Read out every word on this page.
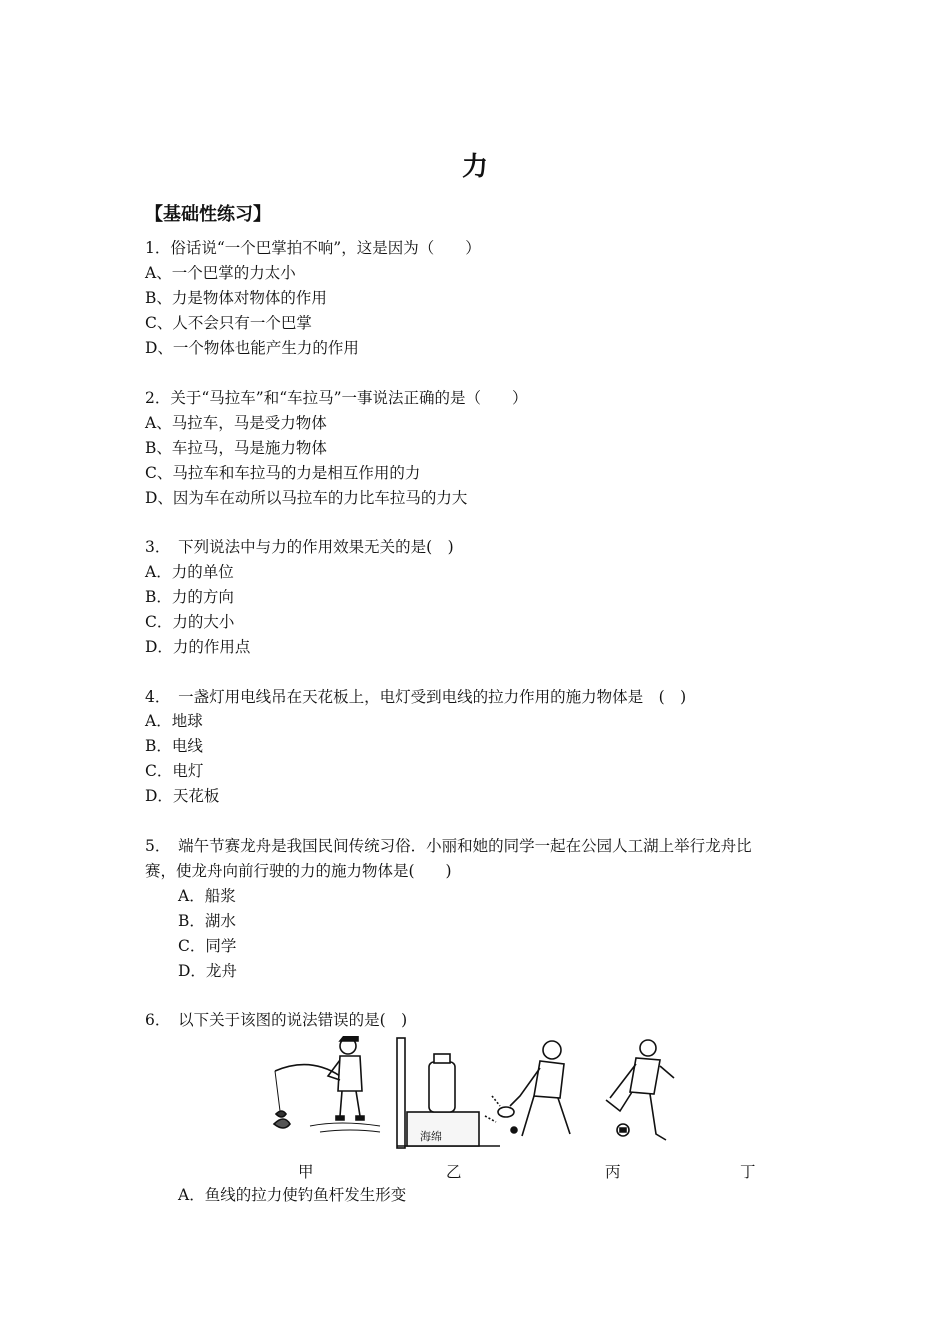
力
【基础性练习】
1．俗话说“一个巴掌拍不响”，这是因为（　　）
A、一个巴掌的力太小
B、力是物体对物体的作用
C、人不会只有一个巴掌
D、一个物体也能产生力的作用
2．关于“马拉车”和“车拉马”一事说法正确的是（　　）
A、马拉车，马是受力物体
B、车拉马，马是施力物体
C、马拉车和车拉马的力是相互作用的力
D、因为车在动所以马拉车的力比车拉马的力大
3．　下列说法中与力的作用效果无关的是(　)
A．力的单位
B．力的方向
C．力的大小
D．力的作用点
4．　一盏灯用电线吊在天花板上，电灯受到电线的拉力作用的施力物体是　(　)
A．地球
B．电线
C．电灯
D．天花板
5．　端午节赛龙舟是我国民间传统习俗．小丽和她的同学一起在公园人工湖上举行龙舟比
赛，使龙舟向前行驶的力的施力物体是(　　)
A．船浆
B．湖水
C．同学
D．龙舟
6．　以下关于该图的说法错误的是(　)
海绵
甲	乙	丙	丁
A．鱼线的拉力使钓鱼杆发生形变
